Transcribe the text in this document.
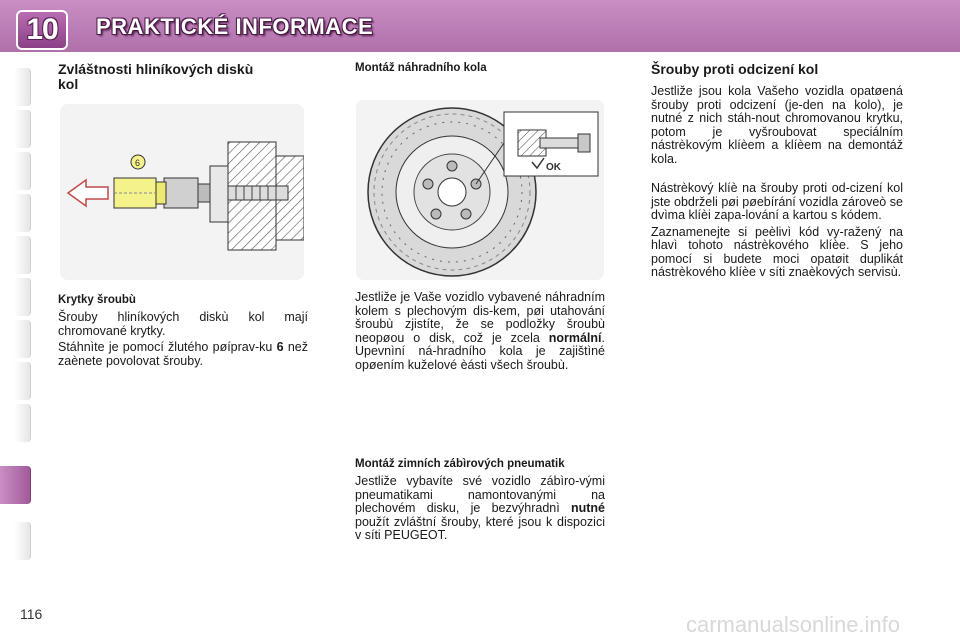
10 PRAKTICKÉ INFORMACE
Zvláštnosti hliníkových diskù kol
6
Krytky šroubù

Šrouby hliníkových diskù kol mají chromované krytky.

Stáhnìte je pomocí žlutého pøíprav-ku 6 než zaènete povolovat šrouby.

Montáž náhradního kola
OK

Jestliže je Vaše vozidlo vybavené náhradním kolem s plechovým dis-kem, pøi utahování šroubù zjistíte, že se podložky šroubù neopøou o disk, což je zcela normální. Upevnìní ná-hradního kola je zajištìné opøením kuželové èásti všech šroubù.

Montáž zimních zábìrových pneumatik

Jestliže vybavíte své vozidlo zábìro-vými pneumatikami namontovanými na plechovém disku, je bezvýhradnì nutné použít zvláštní šrouby, které jsou k dispozici v síti PEUGEOT.

Šrouby proti odcizení kol

Jestliže jsou kola Vašeho vozidla opatøená šrouby proti odcizení (je-den na kolo), je nutné z nich stáh-nout chromovanou krytku, potom je vyšroubovat speciálním nástrèkovým klíèem a klíèem na demontáž kola.

Nástrèkový klíè na šrouby proti od-cizení kol jste obdrželi pøi pøebírání vozidla zároveò se dvìma klíèi zapa-lování a kartou s kódem.

Zaznamenejte si peèlivì kód vy-ražený na hlavì tohoto nástrèkového klíèe. S jeho pomocí si budete moci opatøit duplikát nástrèkového klíèe v síti znaèkových servisù.

116	carmanualsonline.info
